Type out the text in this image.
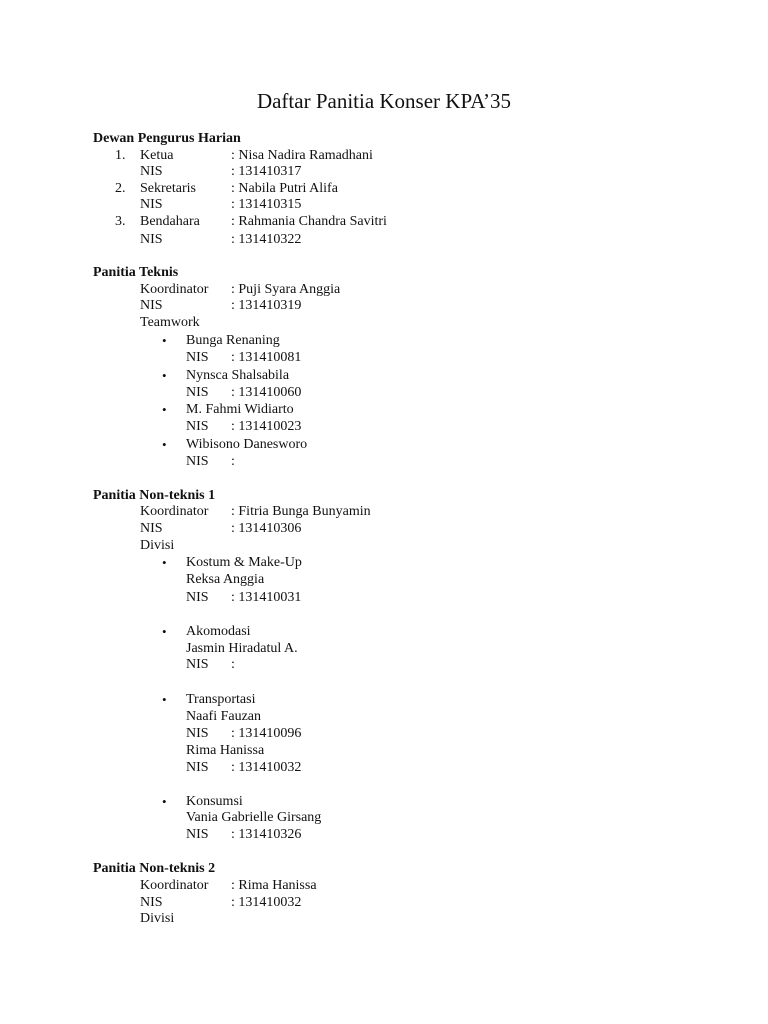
Daftar Panitia Konser KPA’35
Dewan Pengurus Harian
1. Ketua	: Nisa Nadira Ramadhani
NIS	: 131410317
2. Sekretaris	: Nabila Putri Alifa
NIS	: 131410315
3. Bendahara : Rahmania Chandra Savitri
NIS	: 131410322
Panitia Teknis
Koordinator : Puji Syara Anggia
NIS	: 131410319
Teamwork
• Bunga Renaning
NIS : 131410081
• Nynsca Shalsabila
NIS : 131410060
• M. Fahmi Widiarto
NIS : 131410023
• Wibisono Danesworo
NIS :
Panitia Non-teknis 1
Koordinator : Fitria Bunga Bunyamin
NIS	: 131410306
Divisi
• Kostum & Make-Up
Reksa Anggia
NIS : 131410031
• Akomodasi
Jasmin Hiradatul A.
NIS :
• Transportasi
Naafi Fauzan
NIS : 131410096
Rima Hanissa
NIS : 131410032
• Konsumsi
Vania Gabrielle Girsang
NIS : 131410326
Panitia Non-teknis 2
Koordinator : Rima Hanissa
NIS	: 131410032
Divisi
